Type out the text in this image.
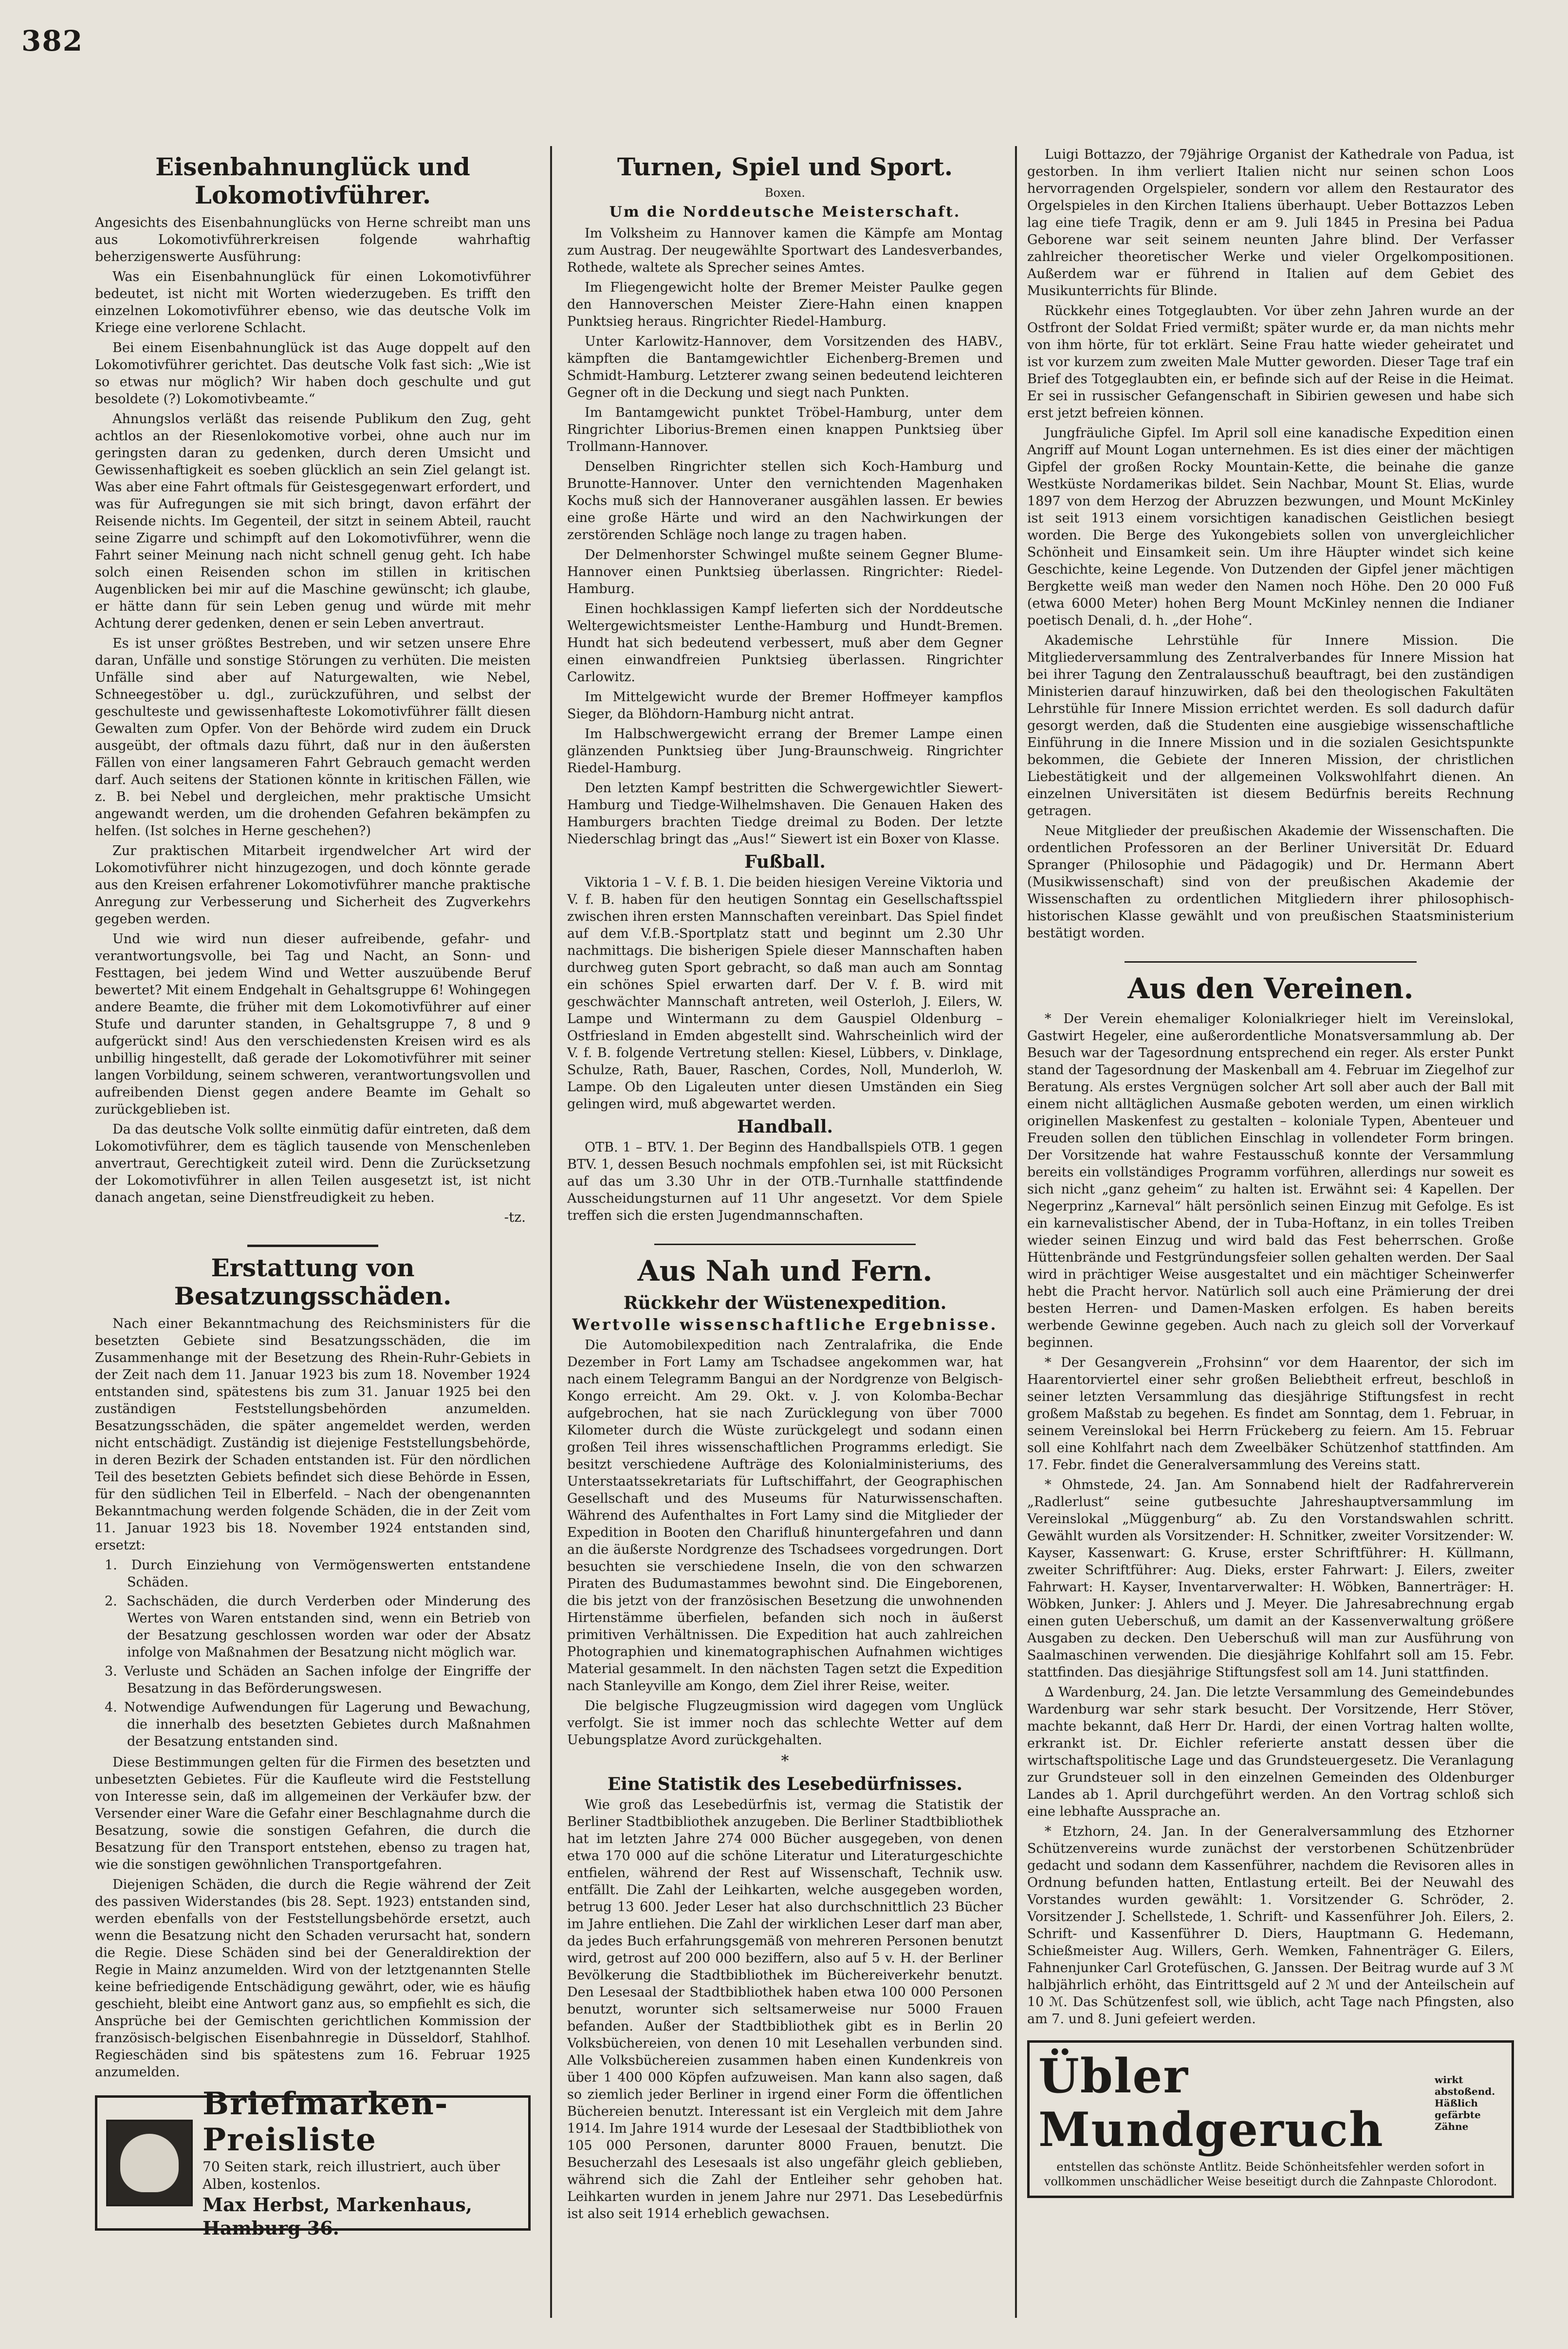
382
Eisenbahnunglück und Lokomotivführer.
Angesichts des Eisenbahnunglücks von Herne schreibt man uns aus Lokomotivführerkreisen folgende wahrhaftig beherzigenswerte Ausführung:
Was ein Eisenbahnunglück für einen Lokomotivführer bedeutet, ist nicht mit Worten wiederzugeben. Es trifft den einzelnen Lokomotivführer ebenso, wie das deutsche Volk im Kriege eine verlorene Schlacht.
Bei einem Eisenbahnunglück ist das Auge doppelt auf den Lokomotivführer gerichtet. Das deutsche Volk fast sich: „Wie ist so etwas nur möglich? Wir haben doch geschulte und gut besoldete (?) Lokomotivbeamte.“
Ahnungslos verläßt das reisende Publikum den Zug, geht achtlos an der Riesenlokomotive vorbei, ohne auch nur im geringsten daran zu gedenken, durch deren Umsicht und Gewissenhaftigkeit es soeben glücklich an sein Ziel gelangt ist. Was aber eine Fahrt oftmals für Geistesgegenwart erfordert, und was für Aufregungen sie mit sich bringt, davon erfährt der Reisende nichts. Im Gegenteil, der sitzt in seinem Abteil, raucht seine Zigarre und schimpft auf den Lokomotivführer, wenn die Fahrt seiner Meinung nach nicht schnell genug geht. Ich habe solch einen Reisenden schon im stillen in kritischen Augenblicken bei mir auf die Maschine gewünscht; ich glaube, er hätte dann für sein Leben genug und würde mit mehr Achtung derer gedenken, denen er sein Leben anvertraut.
Es ist unser größtes Bestreben, und wir setzen unsere Ehre daran, Unfälle und sonstige Störungen zu verhüten. Die meisten Unfälle sind aber auf Naturgewalten, wie Nebel, Schneegestöber u. dgl., zurückzuführen, und selbst der geschulteste und gewissenhafteste Lokomotivführer fällt diesen Gewalten zum Opfer. Von der Behörde wird zudem ein Druck ausgeübt, der oftmals dazu führt, daß nur in den äußersten Fällen von einer langsameren Fahrt Gebrauch gemacht werden darf. Auch seitens der Stationen könnte in kritischen Fällen, wie z. B. bei Nebel und dergleichen, mehr praktische Umsicht angewandt werden, um die drohenden Gefahren bekämpfen zu helfen. (Ist solches in Herne geschehen?)
Zur praktischen Mitarbeit irgendwelcher Art wird der Lokomotivführer nicht hinzugezogen, und doch könnte gerade aus den Kreisen erfahrener Lokomotivführer manche praktische Anregung zur Verbesserung und Sicherheit des Zugverkehrs gegeben werden.
Und wie wird nun dieser aufreibende, gefahr- und verantwortungsvolle, bei Tag und Nacht, an Sonn- und Festtagen, bei jedem Wind und Wetter auszuübende Beruf bewertet? Mit einem Endgehalt in Gehaltsgruppe 6! Wohingegen andere Beamte, die früher mit dem Lokomotivführer auf einer Stufe und darunter standen, in Gehaltsgruppe 7, 8 und 9 aufgerückt sind! Aus den verschiedensten Kreisen wird es als unbillig hingestellt, daß gerade der Lokomotivführer mit seiner langen Vorbildung, seinem schweren, verantwortungsvollen und aufreibenden Dienst gegen andere Beamte im Gehalt so zurückgeblieben ist.
Da das deutsche Volk sollte einmütig dafür eintreten, daß dem Lokomotivführer, dem es täglich tausende von Menschenleben anvertraut, Gerechtigkeit zuteil wird. Denn die Zurücksetzung der Lokomotivführer in allen Teilen ausgesetzt ist, ist nicht danach angetan, seine Dienstfreudigkeit zu heben.
-tz.
Erstattung von Besatzungsschäden.
Nach einer Bekanntmachung des Reichsministers für die besetzten Gebiete sind Besatzungsschäden, die im Zusammenhange mit der Besetzung des Rhein-Ruhr-Gebiets in der Zeit nach dem 11. Januar 1923 bis zum 18. November 1924 entstanden sind, spätestens bis zum 31. Januar 1925 bei den zuständigen Feststellungsbehörden anzumelden. Besatzungsschäden, die später angemeldet werden, werden nicht entschädigt. Zuständig ist diejenige Feststellungsbehörde, in deren Bezirk der Schaden entstanden ist. Für den nördlichen Teil des besetzten Gebiets befindet sich diese Behörde in Essen, für den südlichen Teil in Elberfeld. – Nach der obengenannten Bekanntmachung werden folgende Schäden, die in der Zeit vom 11. Januar 1923 bis 18. November 1924 entstanden sind, ersetzt:
1. Durch Einziehung von Vermögenswerten entstandene Schäden.
2. Sachschäden, die durch Verderben oder Minderung des Wertes von Waren entstanden sind, wenn ein Betrieb von der Besatzung geschlossen worden war oder der Absatz infolge von Maßnahmen der Besatzung nicht möglich war.
3. Verluste und Schäden an Sachen infolge der Eingriffe der Besatzung in das Beförderungswesen.
4. Notwendige Aufwendungen für Lagerung und Bewachung, die innerhalb des besetzten Gebietes durch Maßnahmen der Besatzung entstanden sind.
Diese Bestimmungen gelten für die Firmen des besetzten und unbesetzten Gebietes. Für die Kaufleute wird die Feststellung von Interesse sein, daß im allgemeinen der Verkäufer bzw. der Versender einer Ware die Gefahr einer Beschlagnahme durch die Besatzung, sowie die sonstigen Gefahren, die durch die Besatzung für den Transport entstehen, ebenso zu tragen hat, wie die sonstigen gewöhnlichen Transportgefahren.
Diejenigen Schäden, die durch die Regie während der Zeit des passiven Widerstandes (bis 28. Sept. 1923) entstanden sind, werden ebenfalls von der Feststellungsbehörde ersetzt, auch wenn die Besatzung nicht den Schaden verursacht hat, sondern die Regie. Diese Schäden sind bei der Generaldirektion der Regie in Mainz anzumelden. Wird von der letztgenannten Stelle keine befriedigende Entschädigung gewährt, oder, wie es häufig geschieht, bleibt eine Antwort ganz aus, so empfiehlt es sich, die Ansprüche bei der Gemischten gerichtlichen Kommission der französisch-belgischen Eisenbahnregie in Düsseldorf, Stahlhof. Regieschäden sind bis spätestens zum 16. Februar 1925 anzumelden.
Briefmarken-Preisliste
70 Seiten stark, reich illustriert, auch über Alben, kostenlos.
Max Herbst, Markenhaus, Hamburg 36.
Turnen, Spiel und Sport.
Boxen.
Um die Norddeutsche Meisterschaft.
Im Volksheim zu Hannover kamen die Kämpfe am Montag zum Austrag. Der neugewählte Sportwart des Landesverbandes, Rothede, waltete als Sprecher seines Amtes.
Im Fliegengewicht holte der Bremer Meister Paulke gegen den Hannoverschen Meister Ziere-Hahn einen knappen Punktsieg heraus. Ringrichter Riedel-Hamburg.
Unter Karlowitz-Hannover, dem Vorsitzenden des HABV., kämpften die Bantamgewichtler Eichenberg-Bremen und Schmidt-Hamburg. Letzterer zwang seinen bedeutend leichteren Gegner oft in die Deckung und siegt nach Punkten.
Im Bantamgewicht punktet Tröbel-Hamburg, unter dem Ringrichter Liborius-Bremen einen knappen Punktsieg über Trollmann-Hannover.
Denselben Ringrichter stellen sich Koch-Hamburg und Brunotte-Hannover. Unter den vernichtenden Magenhaken Kochs muß sich der Hannoveraner ausgählen lassen. Er bewies eine große Härte und wird an den Nachwirkungen der zerstörenden Schläge noch lange zu tragen haben.
Der Delmenhorster Schwingel mußte seinem Gegner Blume-Hannover einen Punktsieg überlassen. Ringrichter: Riedel-Hamburg.
Einen hochklassigen Kampf lieferten sich der Norddeutsche Weltergewichtsmeister Lenthe-Hamburg und Hundt-Bremen. Hundt hat sich bedeutend verbessert, muß aber dem Gegner einen einwandfreien Punktsieg überlassen. Ringrichter Carlowitz.
Im Mittelgewicht wurde der Bremer Hoffmeyer kampflos Sieger, da Blöhdorn-Hamburg nicht antrat.
Im Halbschwergewicht errang der Bremer Lampe einen glänzenden Punktsieg über Jung-Braunschweig. Ringrichter Riedel-Hamburg.
Den letzten Kampf bestritten die Schwergewichtler Siewert-Hamburg und Tiedge-Wilhelmshaven. Die Genauen Haken des Hamburgers brachten Tiedge dreimal zu Boden. Der letzte Niederschlag bringt das „Aus!“ Siewert ist ein Boxer von Klasse.
Fußball.
Viktoria 1 – V. f. B. 1. Die beiden hiesigen Vereine Viktoria und V. f. B. haben für den heutigen Sonntag ein Gesellschaftsspiel zwischen ihren ersten Mannschaften vereinbart. Das Spiel findet auf dem V.f.B.-Sportplatz statt und beginnt um 2.30 Uhr nachmittags. Die bisherigen Spiele dieser Mannschaften haben durchweg guten Sport gebracht, so daß man auch am Sonntag ein schönes Spiel erwarten darf. Der V. f. B. wird mit geschwächter Mannschaft antreten, weil Osterloh, J. Eilers, W. Lampe und Wintermann zu dem Gauspiel Oldenburg – Ostfriesland in Emden abgestellt sind. Wahrscheinlich wird der V. f. B. folgende Vertretung stellen: Kiesel, Lübbers, v. Dinklage, Schulze, Rath, Bauer, Raschen, Cordes, Noll, Munderloh, W. Lampe. Ob den Ligaleuten unter diesen Umständen ein Sieg gelingen wird, muß abgewartet werden.
Handball.
OTB. 1 – BTV. 1. Der Beginn des Handballspiels OTB. 1 gegen BTV. 1, dessen Besuch nochmals empfohlen sei, ist mit Rücksicht auf das um 3.30 Uhr in der OTB.-Turnhalle stattfindende Ausscheidungsturnen auf 11 Uhr angesetzt. Vor dem Spiele treffen sich die ersten Jugendmannschaften.
Aus Nah und Fern.
Rückkehr der Wüstenexpedition.
Wertvolle wissenschaftliche Ergebnisse.
Die Automobilexpedition nach Zentralafrika, die Ende Dezember in Fort Lamy am Tschadsee angekommen war, hat nach einem Telegramm Bangui an der Nordgrenze von Belgisch-Kongo erreicht. Am 29. Okt. v. J. von Kolomba-Bechar aufgebrochen, hat sie nach Zurücklegung von über 7000 Kilometer durch die Wüste zurückgelegt und sodann einen großen Teil ihres wissenschaftlichen Programms erledigt. Sie besitzt verschiedene Aufträge des Kolonialministeriums, des Unterstaatssekretariats für Luftschiffahrt, der Geographischen Gesellschaft und des Museums für Naturwissenschaften. Während des Aufenthaltes in Fort Lamy sind die Mitglieder der Expedition in Booten den Charifluß hinuntergefahren und dann an die äußerste Nordgrenze des Tschadsees vorgedrungen. Dort besuchten sie verschiedene Inseln, die von den schwarzen Piraten des Budumastammes bewohnt sind. Die Eingeborenen, die bis jetzt von der französischen Besetzung die unwohnenden Hirtenstämme überfielen, befanden sich noch in äußerst primitiven Verhältnissen. Die Expedition hat auch zahlreichen Photographien und kinematographischen Aufnahmen wichtiges Material gesammelt. In den nächsten Tagen setzt die Expedition nach Stanleyville am Kongo, dem Ziel ihrer Reise, weiter.
Die belgische Flugzeugmission wird dagegen vom Unglück verfolgt. Sie ist immer noch das schlechte Wetter auf dem Uebungsplatze Avord zurückgehalten.
*
Eine Statistik des Lesebedürfnisses.
Wie groß das Lesebedürfnis ist, vermag die Statistik der Berliner Stadtbibliothek anzugeben. Die Berliner Stadtbibliothek hat im letzten Jahre 274 000 Bücher ausgegeben, von denen etwa 170 000 auf die schöne Literatur und Literaturgeschichte entfielen, während der Rest auf Wissenschaft, Technik usw. entfällt. Die Zahl der Leihkarten, welche ausgegeben worden, betrug 13 600. Jeder Leser hat also durchschnittlich 23 Bücher im Jahre entliehen. Die Zahl der wirklichen Leser darf man aber, da jedes Buch erfahrungsgemäß von mehreren Personen benutzt wird, getrost auf 200 000 beziffern, also auf 5 v. H. der Berliner Bevölkerung die Stadtbibliothek im Büchereiverkehr benutzt. Den Lesesaal der Stadtbibliothek haben etwa 100 000 Personen benutzt, worunter sich seltsamerweise nur 5000 Frauen befanden. Außer der Stadtbibliothek gibt es in Berlin 20 Volksbüchereien, von denen 10 mit Lesehallen verbunden sind. Alle Volksbüchereien zusammen haben einen Kundenkreis von über 1 400 000 Köpfen aufzuweisen. Man kann also sagen, daß so ziemlich jeder Berliner in irgend einer Form die öffentlichen Büchereien benutzt. Interessant ist ein Vergleich mit dem Jahre 1914. Im Jahre 1914 wurde der Lesesaal der Stadtbibliothek von 105 000 Personen, darunter 8000 Frauen, benutzt. Die Besucherzahl des Lesesaals ist also ungefähr gleich geblieben, während sich die Zahl der Entleiher sehr gehoben hat. Leihkarten wurden in jenem Jahre nur 2971. Das Lesebedürfnis ist also seit 1914 erheblich gewachsen.
Luigi Bottazzo, der 79jährige Organist der Kathedrale von Padua, ist gestorben. In ihm verliert Italien nicht nur seinen schon Loos hervorragenden Orgelspieler, sondern vor allem den Restaurator des Orgelspieles in den Kirchen Italiens überhaupt. Ueber Bottazzos Leben lag eine tiefe Tragik, denn er am 9. Juli 1845 in Presina bei Padua Geborene war seit seinem neunten Jahre blind. Der Verfasser zahlreicher theoretischer Werke und vieler Orgelkompositionen. Außerdem war er führend in Italien auf dem Gebiet des Musikunterrichts für Blinde.
Rückkehr eines Totgeglaubten. Vor über zehn Jahren wurde an der Ostfront der Soldat Fried vermißt; später wurde er, da man nichts mehr von ihm hörte, für tot erklärt. Seine Frau hatte wieder geheiratet und ist vor kurzem zum zweiten Male Mutter geworden. Dieser Tage traf ein Brief des Totgeglaubten ein, er befinde sich auf der Reise in die Heimat. Er sei in russischer Gefangenschaft in Sibirien gewesen und habe sich erst jetzt befreien können.
Jungfräuliche Gipfel. Im April soll eine kanadische Expedition einen Angriff auf Mount Logan unternehmen. Es ist dies einer der mächtigen Gipfel der großen Rocky Mountain-Kette, die beinahe die ganze Westküste Nordamerikas bildet. Sein Nachbar, Mount St. Elias, wurde 1897 von dem Herzog der Abruzzen bezwungen, und Mount McKinley ist seit 1913 einem vorsichtigen kanadischen Geistlichen besiegt worden. Die Berge des Yukongebiets sollen von unvergleichlicher Schönheit und Einsamkeit sein. Um ihre Häupter windet sich keine Geschichte, keine Legende. Von Dutzenden der Gipfel jener mächtigen Bergkette weiß man weder den Namen noch Höhe. Den 20 000 Fuß (etwa 6000 Meter) hohen Berg Mount McKinley nennen die Indianer poetisch Denali, d. h. „der Hohe“.
Akademische Lehrstühle für Innere Mission. Die Mitgliederversammlung des Zentralverbandes für Innere Mission hat bei ihrer Tagung den Zentralausschuß beauftragt, bei den zuständigen Ministerien darauf hinzuwirken, daß bei den theologischen Fakultäten Lehrstühle für Innere Mission errichtet werden. Es soll dadurch dafür gesorgt werden, daß die Studenten eine ausgiebige wissenschaftliche Einführung in die Innere Mission und in die sozialen Gesichtspunkte bekommen, die Gebiete der Inneren Mission, der christlichen Liebestätigkeit und der allgemeinen Volkswohlfahrt dienen. An einzelnen Universitäten ist diesem Bedürfnis bereits Rechnung getragen.
Neue Mitglieder der preußischen Akademie der Wissenschaften. Die ordentlichen Professoren an der Berliner Universität Dr. Eduard Spranger (Philosophie und Pädagogik) und Dr. Hermann Abert (Musikwissenschaft) sind von der preußischen Akademie der Wissenschaften zu ordentlichen Mitgliedern ihrer philosophisch-historischen Klasse gewählt und von preußischen Staatsministerium bestätigt worden.
Aus den Vereinen.
* Der Verein ehemaliger Kolonialkrieger hielt im Vereinslokal, Gastwirt Hegeler, eine außerordentliche Monatsversammlung ab. Der Besuch war der Tagesordnung entsprechend ein reger. Als erster Punkt stand der Tagesordnung der Maskenball am 4. Februar im Ziegelhof zur Beratung. Als erstes Vergnügen solcher Art soll aber auch der Ball mit einem nicht alltäglichen Ausmaße geboten werden, um einen wirklich originellen Maskenfest zu gestalten – koloniale Typen, Abenteuer und Freuden sollen den tüblichen Einschlag in vollendeter Form bringen. Der Vorsitzende hat wahre Festausschuß konnte der Versammlung bereits ein vollständiges Programm vorführen, allerdings nur soweit es sich nicht „ganz geheim“ zu halten ist. Erwähnt sei: 4 Kapellen. Der Negerprinz „Karneval“ hält persönlich seinen Einzug mit Gefolge. Es ist ein karnevalistischer Abend, der in Tuba-Hoftanz, in ein tolles Treiben wieder seinen Einzug und wird bald das Fest beherrschen. Große Hüttenbrände und Festgründungsfeier sollen gehalten werden. Der Saal wird in prächtiger Weise ausgestaltet und ein mächtiger Scheinwerfer hebt die Pracht hervor. Natürlich soll auch eine Prämierung der drei besten Herren- und Damen-Masken erfolgen. Es haben bereits werbende Gewinne gegeben. Auch nach zu gleich soll der Vorverkauf beginnen.
* Der Gesangverein „Frohsinn“ vor dem Haarentor, der sich im Haarentorviertel einer sehr großen Beliebtheit erfreut, beschloß in seiner letzten Versammlung das diesjährige Stiftungsfest in recht großem Maßstab zu begehen. Es findet am Sonntag, dem 1. Februar, in seinem Vereinslokal bei Herrn Frückeberg zu feiern. Am 15. Februar soll eine Kohlfahrt nach dem Zweelbäker Schützenhof stattfinden. Am 17. Febr. findet die Generalversammlung des Vereins statt.
* Ohmstede, 24. Jan. Am Sonnabend hielt der Radfahrerverein „Radlerlust“ seine gutbesuchte Jahreshauptversammlung im Vereinslokal „Müggenburg“ ab. Zu den Vorstandswahlen schritt. Gewählt wurden als Vorsitzender: H. Schnitker, zweiter Vorsitzender: W. Kayser, Kassenwart: G. Kruse, erster Schriftführer: H. Küllmann, zweiter Schriftführer: Aug. Dieks, erster Fahrwart: J. Eilers, zweiter Fahrwart: H. Kayser, Inventarverwalter: H. Wöbken, Bannerträger: H. Wöbken, Junker: J. Ahlers und J. Meyer. Die Jahresabrechnung ergab einen guten Ueberschuß, um damit an der Kassenverwaltung größere Ausgaben zu decken. Den Ueberschuß will man zur Ausführung von Saalmaschinen verwenden. Die diesjährige Kohlfahrt soll am 15. Febr. stattfinden. Das diesjährige Stiftungsfest soll am 14. Juni stattfinden.
∆ Wardenburg, 24. Jan. Die letzte Versammlung des Gemeindebundes Wardenburg war sehr stark besucht. Der Vorsitzende, Herr Stöver, machte bekannt, daß Herr Dr. Hardi, der einen Vortrag halten wollte, erkrankt ist. Dr. Eichler referierte anstatt dessen über die wirtschaftspolitische Lage und das Grundsteuergesetz. Die Veranlagung zur Grundsteuer soll in den einzelnen Gemeinden des Oldenburger Landes ab 1. April durchgeführt werden. An den Vortrag schloß sich eine lebhafte Aussprache an.
* Etzhorn, 24. Jan. In der Generalversammlung des Etzhorner Schützenvereins wurde zunächst der verstorbenen Schützenbrüder gedacht und sodann dem Kassenführer, nachdem die Revisoren alles in Ordnung befunden hatten, Entlastung erteilt. Bei der Neuwahl des Vorstandes wurden gewählt: 1. Vorsitzender G. Schröder, 2. Vorsitzender J. Schellstede, 1. Schrift- und Kassenführer Joh. Eilers, 2. Schrift- und Kassenführer D. Diers, Hauptmann G. Hedemann, Schießmeister Aug. Willers, Gerh. Wemken, Fahnenträger G. Eilers, Fahnenjunker Carl Grotefüschen, G. Janssen. Der Beitrag wurde auf 3 ℳ halbjährlich erhöht, das Eintrittsgeld auf 2 ℳ und der Anteilschein auf 10 ℳ. Das Schützenfest soll, wie üblich, acht Tage nach Pfingsten, also am 7. und 8. Juni gefeiert werden.
Übler Mundgeruch
wirkt abstoßend. Häßlich gefärbte Zähne
entstellen das schönste Antlitz. Beide Schönheitsfehler werden sofort in vollkommen unschädlicher Weise beseitigt durch die Zahnpaste Chlorodont.
